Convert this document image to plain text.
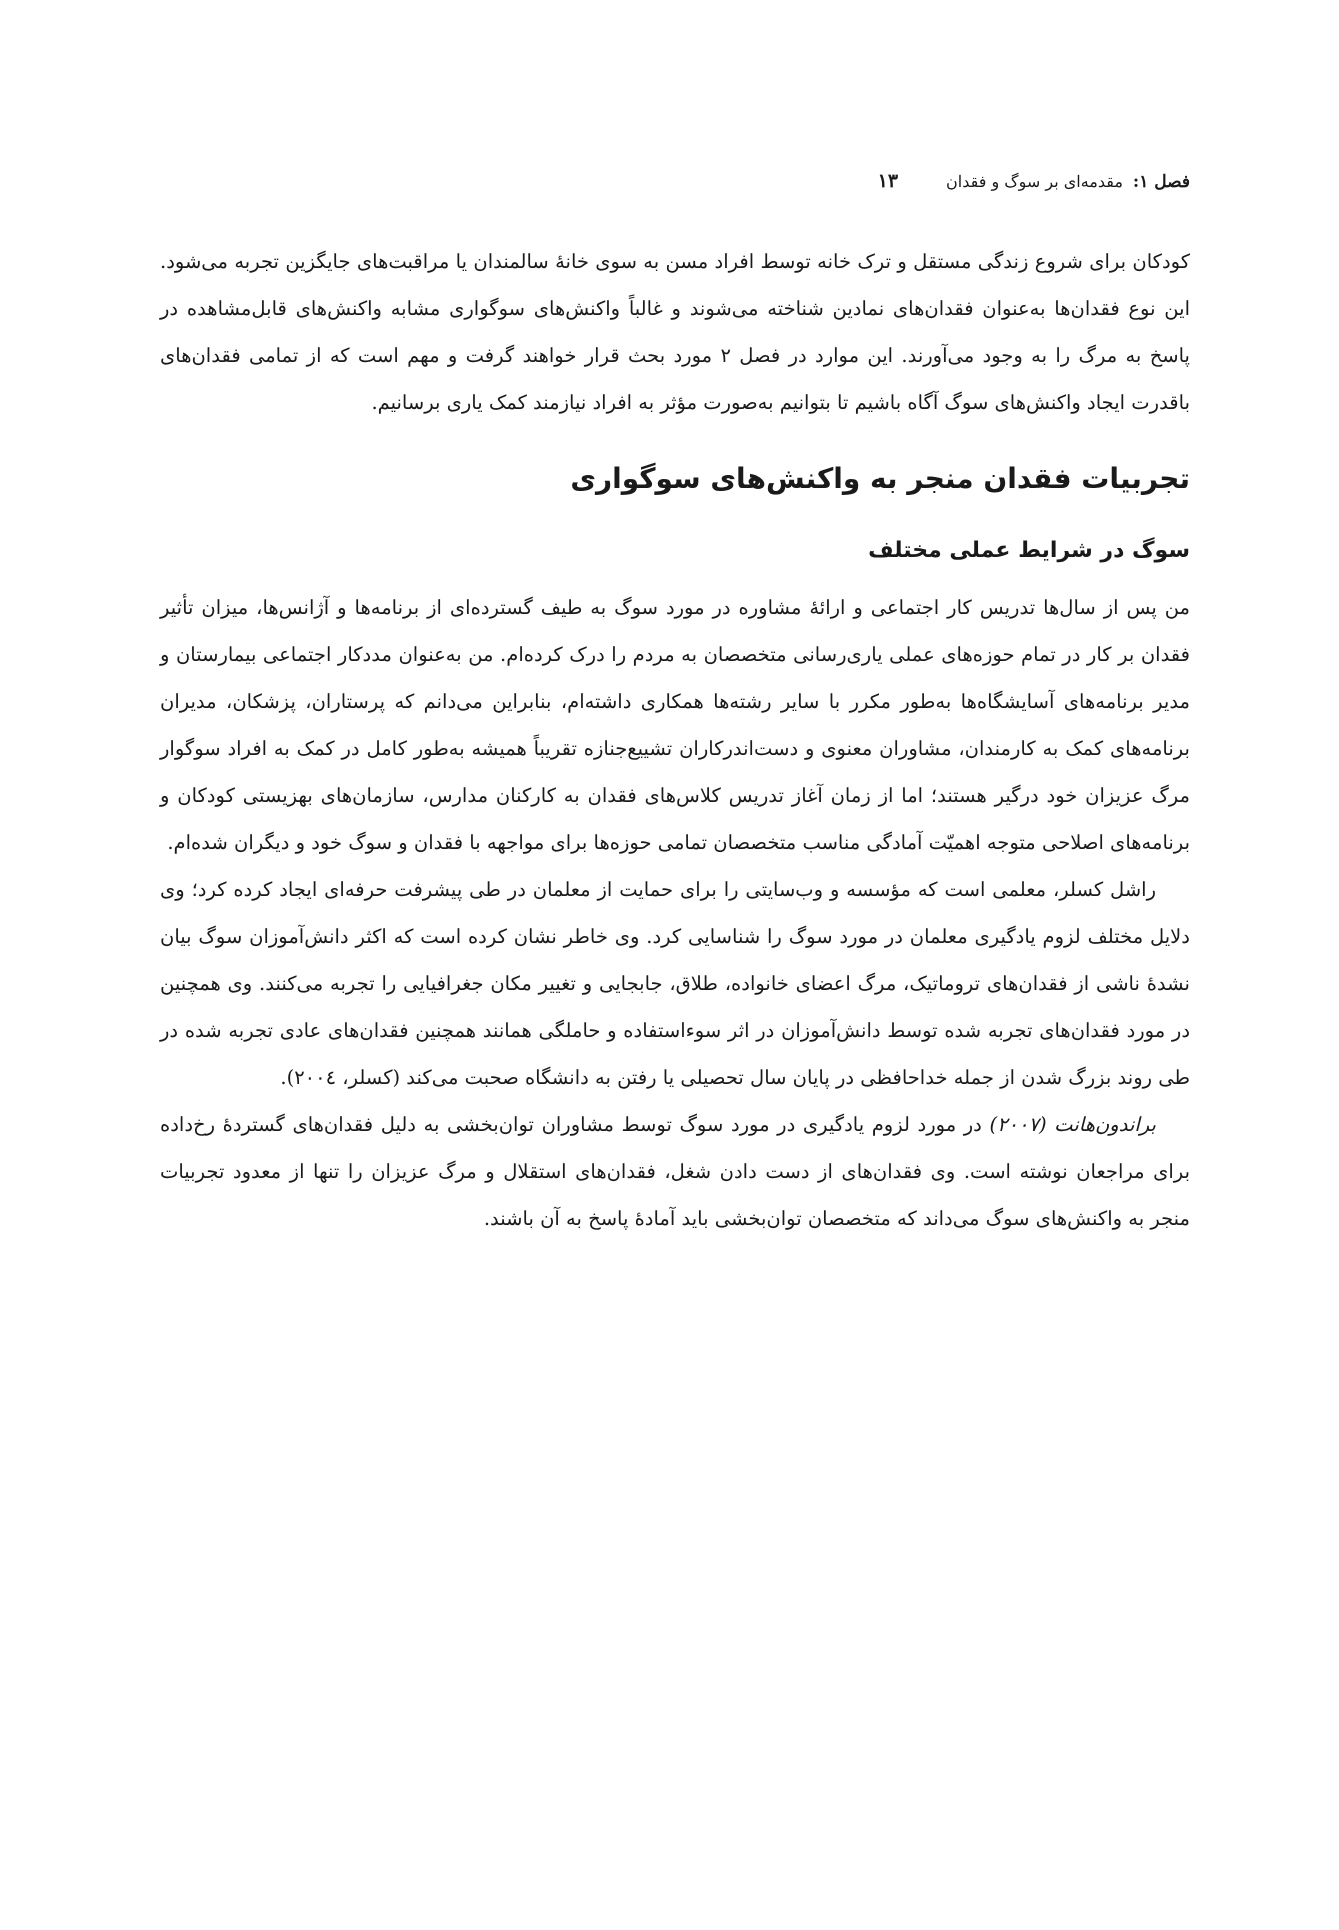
فصل ۱:
مقدمه‌ای بر سوگ و فقدان
۱۳

کودکان برای شروع زندگی مستقل و ترک خانه توسط افراد مسن به سوی خانهٔ سالمندان یا مراقبت‌های جایگزین تجربه می‌شود. این نوع فقدان‌ها به‌عنوان فقدان‌های نمادین شناخته می‌شوند و غالباً واکنش‌های سوگواری مشابه واکنش‌های قابل‌مشاهده در پاسخ به مرگ را به وجود می‌آورند. این موارد در فصل ۲ مورد بحث قرار خواهند گرفت و مهم است که از تمامی فقدان‌های باقدرت ایجاد واکنش‌های سوگ آگاه باشیم تا بتوانیم به‌صورت مؤثر به افراد نیازمند کمک یاری برسانیم.

تجربیات فقدان منجر به واکنش‌های سوگواری
سوگ در شرایط عملی مختلف

من پس از سال‌ها تدریس کار اجتماعی و ارائهٔ مشاوره در مورد سوگ به طیف گسترده‌ای از برنامه‌ها و آژانس‌ها، میزان تأثیر فقدان بر کار در تمام حوزه‌های عملی یاری‌رسانی متخصصان به مردم را درک کرده‌ام. من به‌عنوان مددکار اجتماعی بیمارستان و مدیر برنامه‌های آسایشگاه‌ها به‌طور مکرر با سایر رشته‌ها همکاری داشته‌ام، بنابراین می‌دانم که پرستاران، پزشکان، مدیران برنامه‌های کمک به کارمندان، مشاوران معنوی و دست‌اندرکاران تشییع‌جنازه تقریباً همیشه به‌طور کامل در کمک به افراد سوگوار مرگ عزیزان خود درگیر هستند؛ اما از زمان آغاز تدریس کلاس‌های فقدان به کارکنان مدارس، سازمان‌های بهزیستی کودکان و برنامه‌های اصلاحی متوجه اهمیّت آمادگی مناسب متخصصان تمامی حوزه‌ها برای مواجهه با فقدان و سوگ خود و دیگران شده‌ام.

راشل کسلر، معلمی است که مؤسسه و وب‌سایتی را برای حمایت از معلمان در طی پیشرفت حرفه‌ای ایجاد کرده کرد؛ وی دلایل مختلف لزوم یادگیری معلمان در مورد سوگ را شناسایی کرد. وی خاطر نشان کرده است که اکثر دانش‌آموزان سوگ بیان نشدهٔ ناشی از فقدان‌های تروماتیک، مرگ اعضای خانواده، طلاق، جابجایی و تغییر مکان جغرافیایی را تجربه می‌کنند. وی همچنین در مورد فقدان‌های تجربه شده توسط دانش‌آموزان در اثر سوءاستفاده و حاملگی همانند همچنین فقدان‌های عادی تجربه شده در طی روند بزرگ شدن از جمله خداحافظی در پایان سال تحصیلی یا رفتن به دانشگاه صحبت می‌کند (کسلر، ۲۰۰٤).

براندون‌هانت (۲۰۰۷) در مورد لزوم یادگیری در مورد سوگ توسط مشاوران توان‌بخشی به دلیل فقدان‌های گستردهٔ رخ‌داده برای مراجعان نوشته است. وی فقدان‌های از دست دادن شغل، فقدان‌های استقلال و مرگ عزیزان را تنها از معدود تجربیات منجر به واکنش‌های سوگ می‌داند که متخصصان توان‌بخشی باید آمادهٔ پاسخ به آن باشند.
